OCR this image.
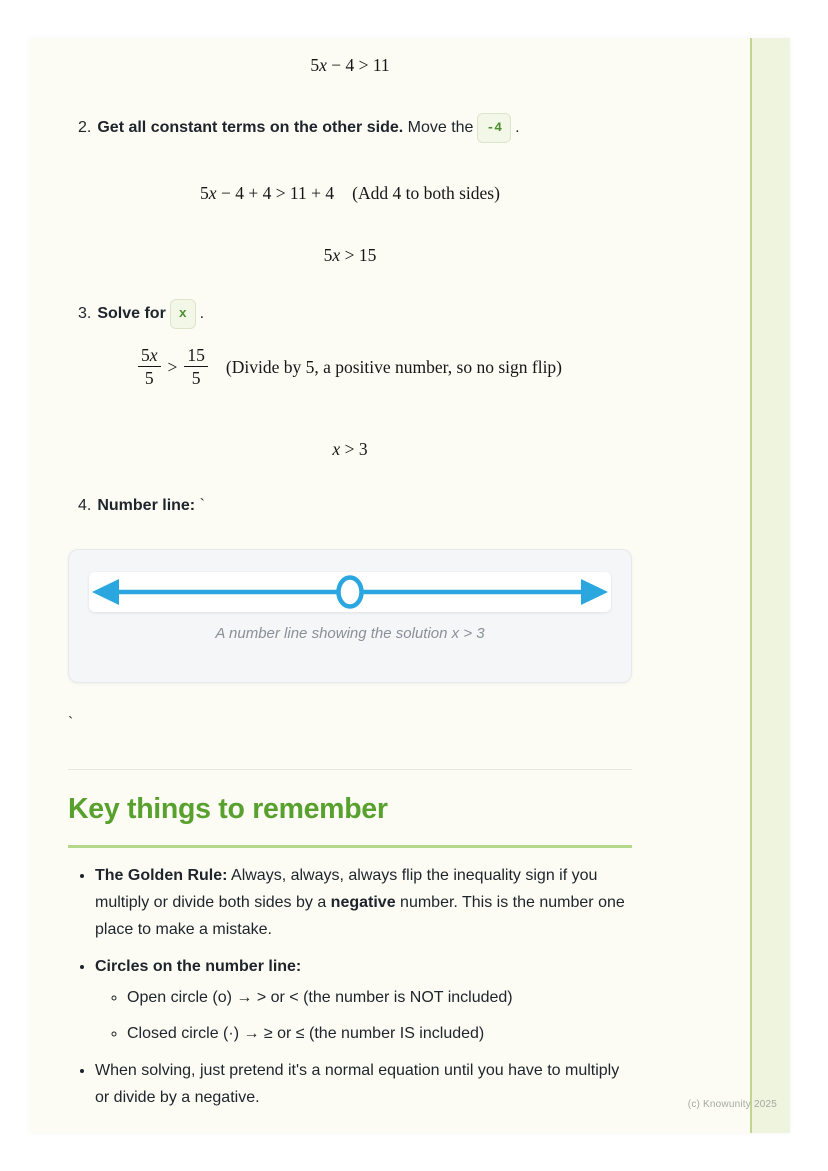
5x − 4 > 11
2. Get all constant terms on the other side. Move the -4 .
5x − 4 + 4 > 11 + 4 (Add 4 to both sides)
5x > 15
3. Solve for x .
$\frac{5x}{5} > \frac{15}{5}$ (Divide by 5, a positive number, so no sign flip)
x > 3
4. Number line: `
A number line showing the solution x > 3
`
Key things to remember
• The Golden Rule: Always, always, always flip the inequality sign if you multiply or divide both sides by a negative number. This is the number one place to make a mistake.
• Circles on the number line:
◦ Open circle (o) → > or < (the number is NOT included)
◦ Closed circle (·) → ≥ or ≤ (the number IS included)
• When solving, just pretend it's a normal equation until you have to multiply or divide by a negative.	(c) Knowunity 2025
